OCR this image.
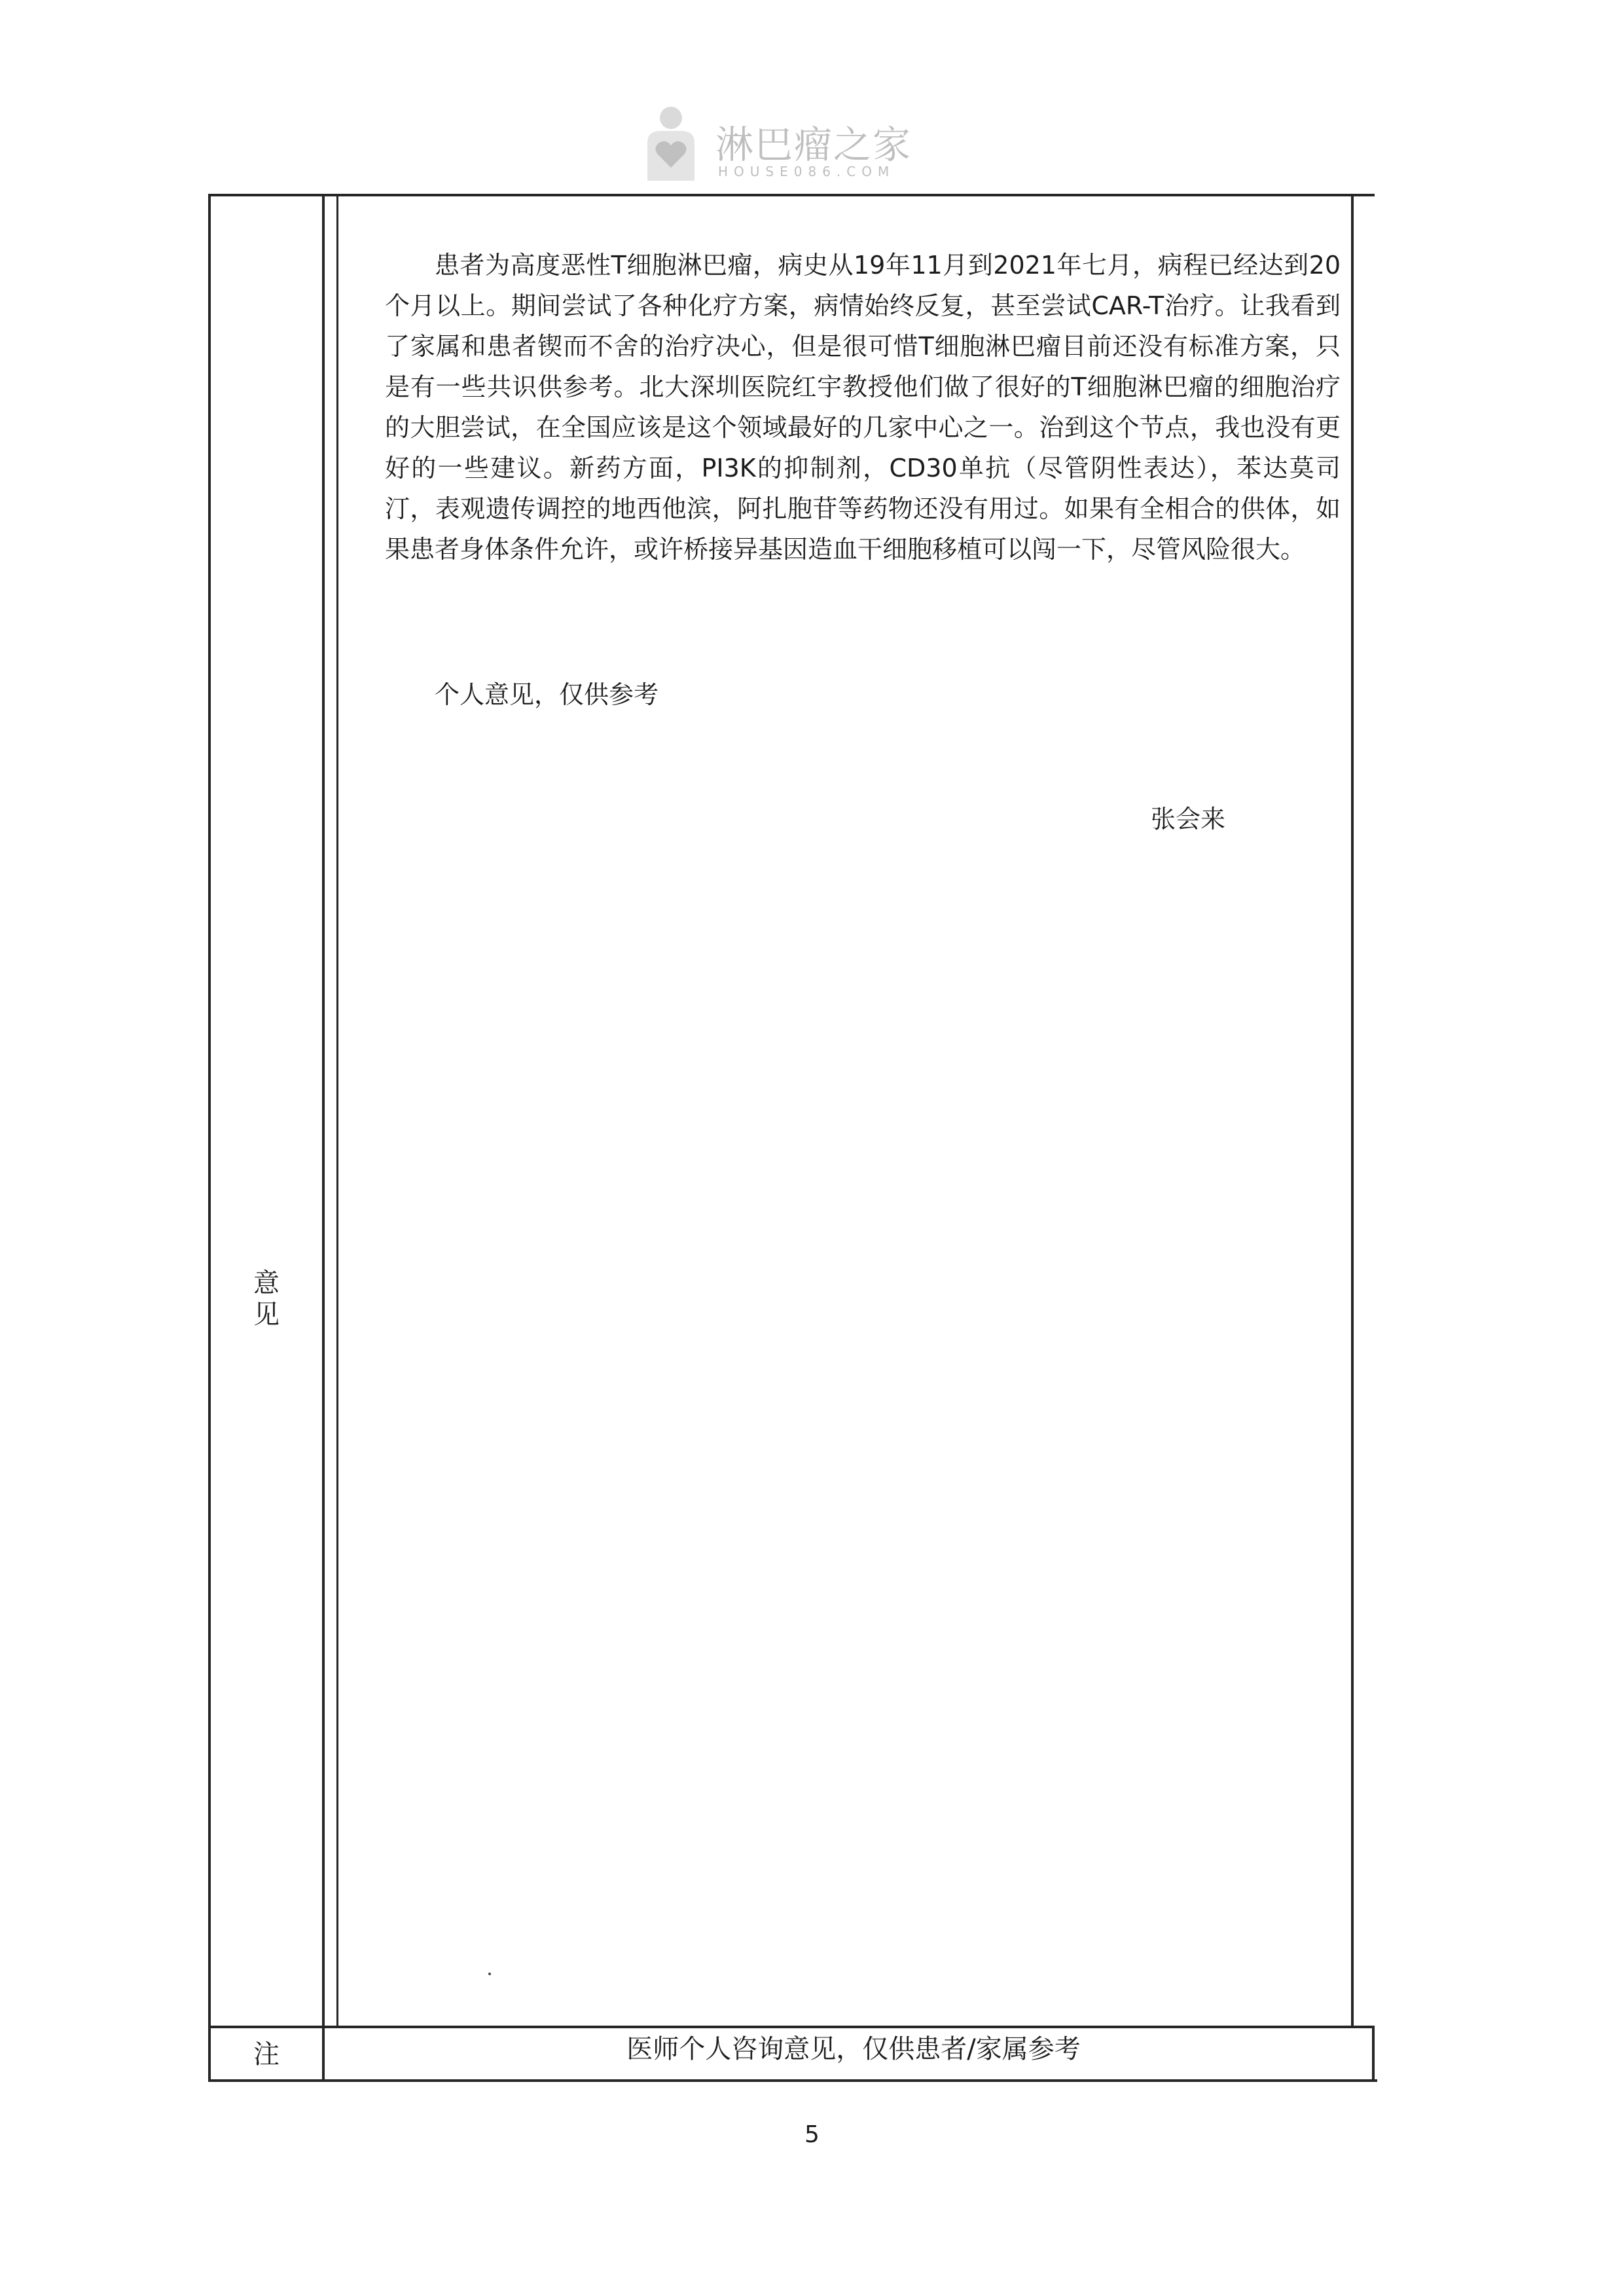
淋巴瘤之家
HOUSE086.COM

患者为高度恶性T细胞淋巴瘤，病史从19年11月到2021年七月，病程已经达到20个月以上。期间尝试了各种化疗方案，病情始终反复，甚至尝试CAR-T治疗。让我看到了家属和患者锲而不舍的治疗决心，但是很可惜T细胞淋巴瘤目前还没有标准方案，只是有一些共识供参考。北大深圳医院红宇教授他们做了很好的T细胞淋巴瘤的细胞治疗的大胆尝试，在全国应该是这个领域最好的几家中心之一。治到这个节点，我也没有更好的一些建议。新药方面，PI3K的抑制剂，CD30单抗（尽管阴性表达），苯达莫司汀，表观遗传调控的地西他滨，阿扎胞苷等药物还没有用过。如果有全相合的供体，如果患者身体条件允许，或许桥接异基因造血干细胞移植可以闯一下，尽管风险很大。

个人意见，仅供参考

张会来

意见
注	医师个人咨询意见，仅供患者/家属参考
5
